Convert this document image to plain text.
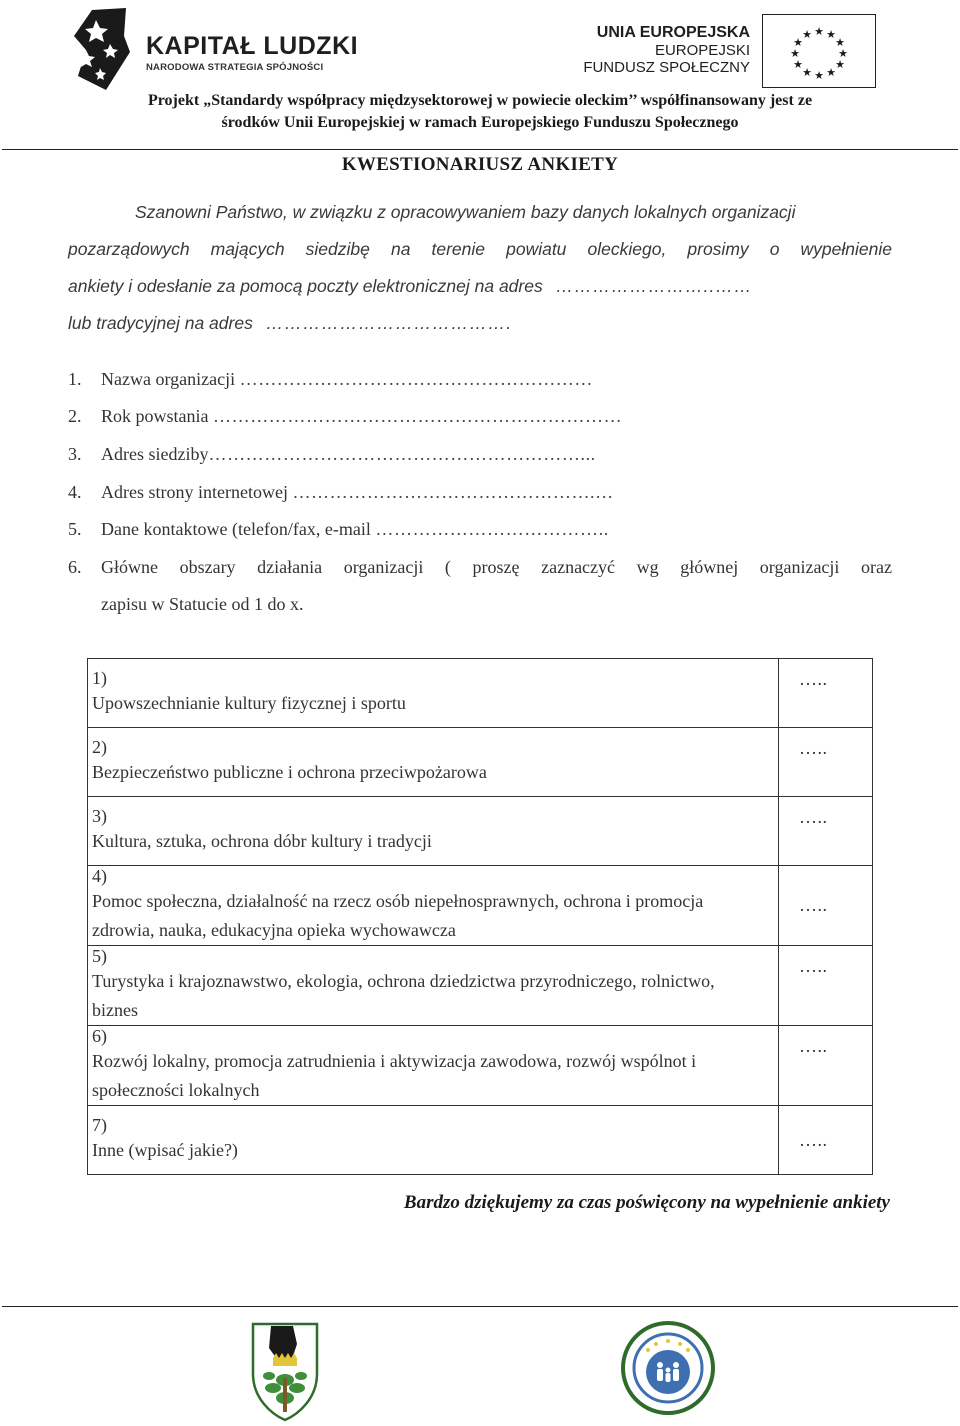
KAPITAŁ LUDZKI
NARODOWA STRATEGIA SPÓJNOŚCI
UNIA EUROPEJSKA
EUROPEJSKI
FUNDUSZ SPOŁECZNY
★ ★
★
★
★
★
★
★
★
★
★
★
Projekt „Standardy współpracy międzysektorowej w powiecie oleckim’’ współfinansowany jest ze
środków Unii Europejskiej w ramach Europejskiego Funduszu Społecznego
KWESTIONARIUSZ ANKIETY
Szanowni Państwo, w związku z opracowywaniem bazy danych lokalnych organizacji
pozarządowych mających siedzibę na terenie powiatu oleckiego, prosimy o wypełnienie
ankiety i odesłanie za pomocą poczty elektronicznej na adres ……………………..……
lub tradycyjnej na adres ………………………………….
1. Nazwa organizacji …………………………………………………
2. Rok powstania …………………………………………………………
3. Adres siedziby……………………………………………………...
4. Adres strony internetowej ………………………………………….…
5. Dane kontaktowe (telefon/fax, e-mail ………………………………..
6. Główne obszary działania organizacji ( proszę zaznaczyć wg głównej organizacji oraz
zapisu w Statucie od 1 do x.
1)Upowszechnianie kultury fizycznej i sportu	…..
2)Bezpieczeństwo publiczne i ochrona przeciwpożarowa	…..
3)Kultura, sztuka, ochrona dóbr kultury i tradycji	…..
4)Pomoc społeczna, działalność na rzecz osób niepełnosprawnych, ochrona i promocja zdrowia, nauka, edukacyjna opieka wychowawcza	…..
5)Turystyka i krajoznawstwo, ekologia, ochrona dziedzictwa przyrodniczego, rolnictwo, biznes	…..
6)Rozwój lokalny, promocja zatrudnienia i aktywizacja zawodowa, rozwój wspólnot i społeczności lokalnych	…..
7)Inne (wpisać jakie?)	…..
Bardzo dziękujemy za czas poświęcony na wypełnienie ankiety
